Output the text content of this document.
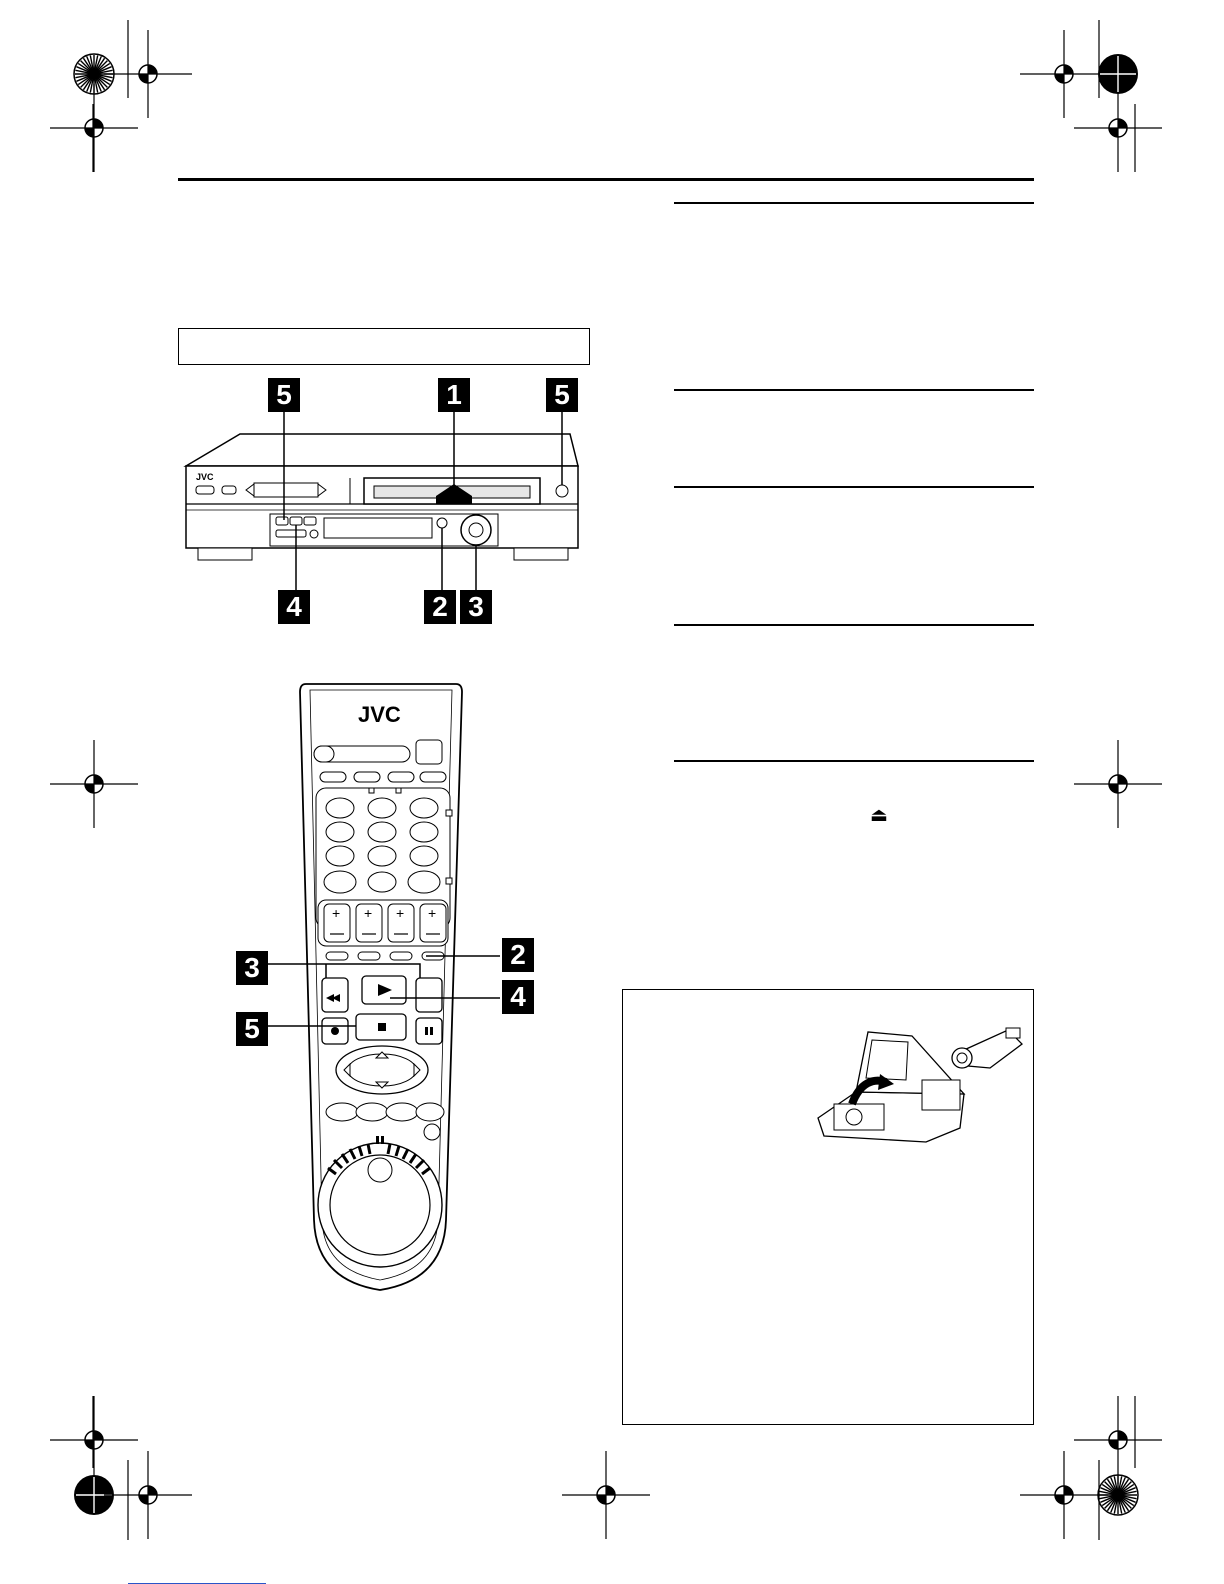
⏏
JVC
5	1	5
4	2 3
JVC
+ + + +
3	2
4
5
